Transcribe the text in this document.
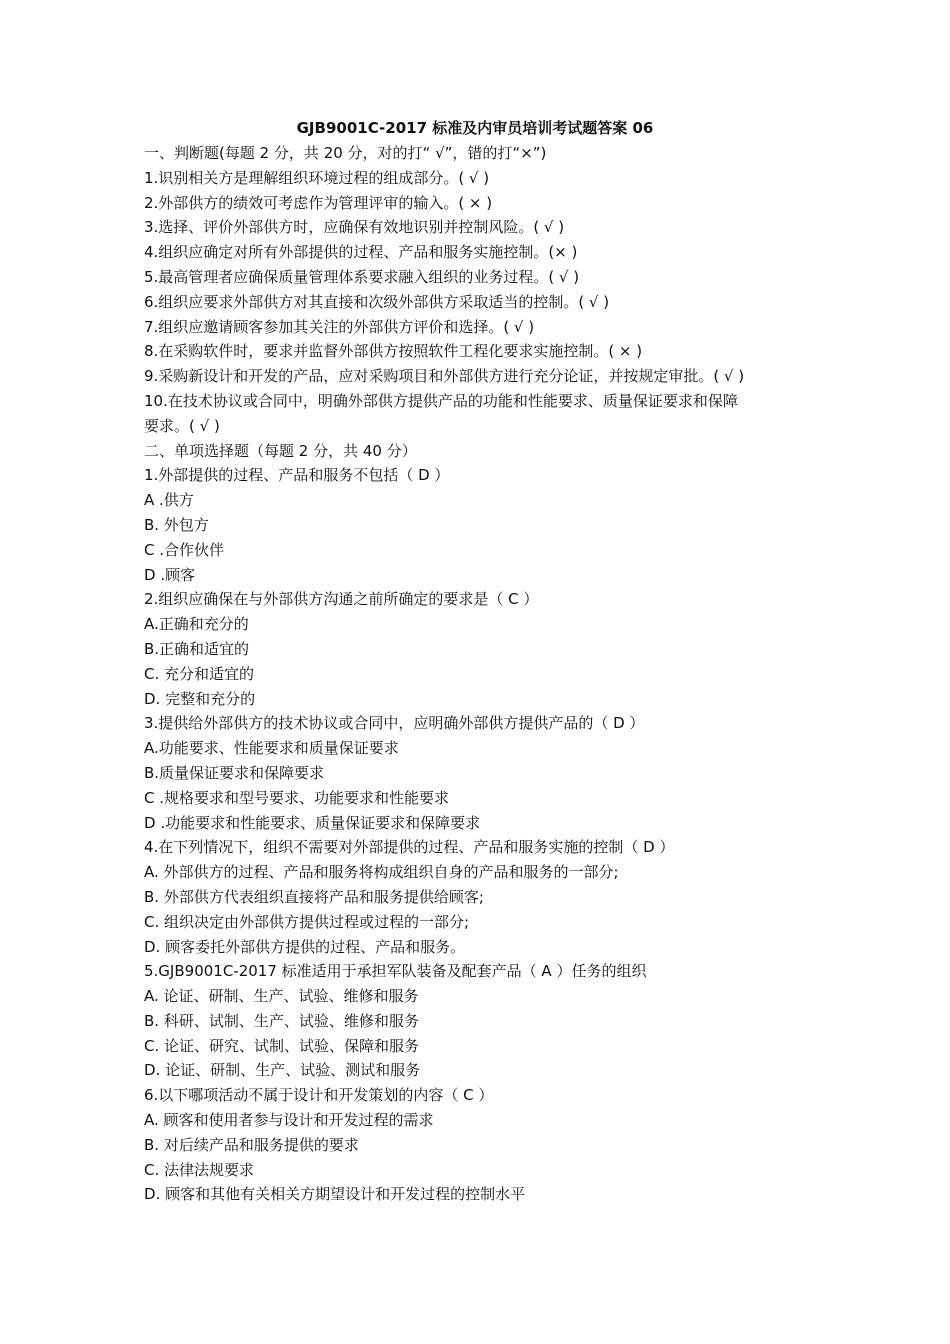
GJB9001C-2017 标准及内审员培训考试题答案 06
一、判断题(每题 2 分，共 20 分，对的打“ √”，错的打“×”)
1.识别相关方是理解组织环境过程的组成部分。( √ )
2.外部供方的绩效可考虑作为管理评审的输入。( × )
3.选择、评价外部供方时，应确保有效地识别并控制风险。( √ )
4.组织应确定对所有外部提供的过程、产品和服务实施控制。(× )
5.最高管理者应确保质量管理体系要求融入组织的业务过程。( √ )
6.组织应要求外部供方对其直接和次级外部供方采取适当的控制。( √ )
7.组织应邀请顾客参加其关注的外部供方评价和选择。( √ )
8.在采购软件时，要求并监督外部供方按照软件工程化要求实施控制。( × )
9.采购新设计和开发的产品，应对采购项目和外部供方进行充分论证，并按规定审批。( √ )
10.在技术协议或合同中，明确外部供方提供产品的功能和性能要求、质量保证要求和保障
要求。( √ )
二、单项选择题（每题 2 分，共 40 分）
1.外部提供的过程、产品和服务不包括（ D ）
A .供方
B. 外包方
C .合作伙伴
D .顾客
2.组织应确保在与外部供方沟通之前所确定的要求是（ C ）
A.正确和充分的
B.正确和适宜的
C. 充分和适宜的
D. 完整和充分的
3.提供给外部供方的技术协议或合同中，应明确外部供方提供产品的（ D ）
A.功能要求、性能要求和质量保证要求
B.质量保证要求和保障要求
C .规格要求和型号要求、功能要求和性能要求
D .功能要求和性能要求、质量保证要求和保障要求
4.在下列情况下，组织不需要对外部提供的过程、产品和服务实施的控制（ D ）
A. 外部供方的过程、产品和服务将构成组织自身的产品和服务的一部分;
B. 外部供方代表组织直接将产品和服务提供给顾客;
C. 组织决定由外部供方提供过程或过程的一部分;
D. 顾客委托外部供方提供的过程、产品和服务。
5.GJB9001C-2017 标准适用于承担军队装备及配套产品（ A ）任务的组织
A. 论证、研制、生产、试验、维修和服务
B. 科研、试制、生产、试验、维修和服务
C. 论证、研究、试制、试验、保障和服务
D. 论证、研制、生产、试验、测试和服务
6.以下哪项活动不属于设计和开发策划的内容（ C ）
A. 顾客和使用者参与设计和开发过程的需求
B. 对后续产品和服务提供的要求
C. 法律法规要求
D. 顾客和其他有关相关方期望设计和开发过程的控制水平
